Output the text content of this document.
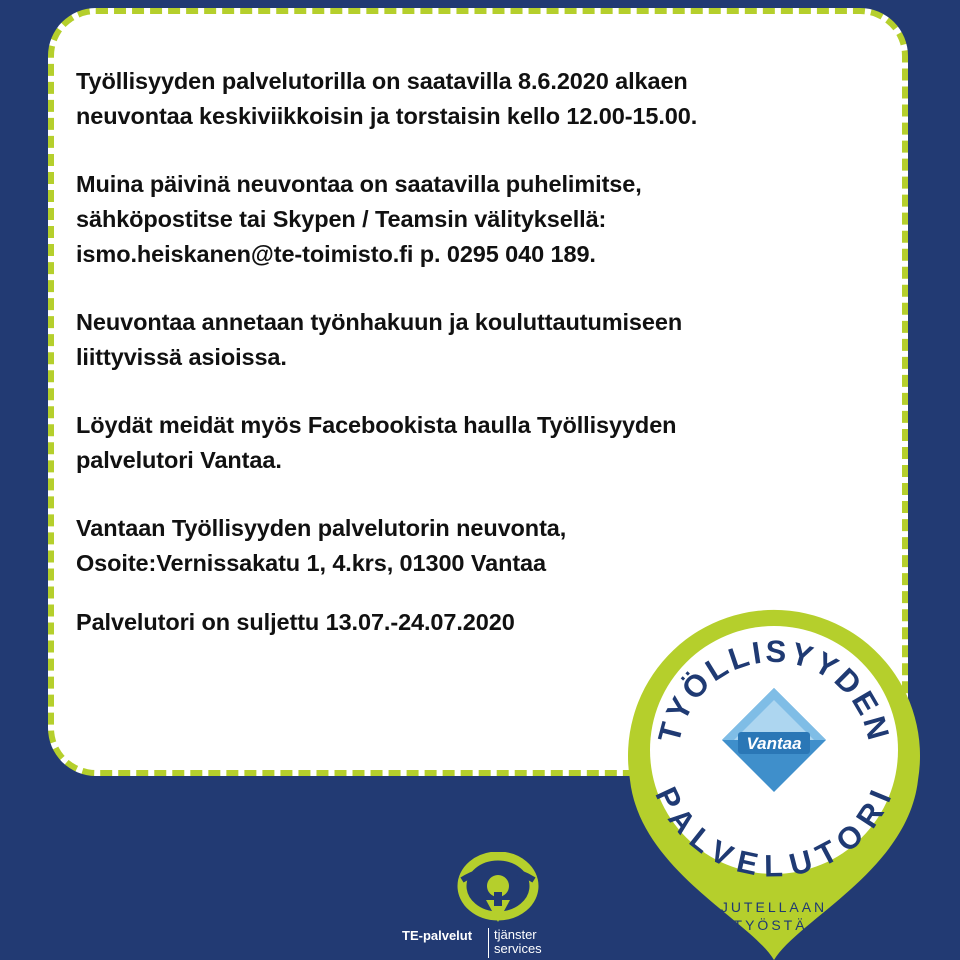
Työllisyyden palvelutorilla on saatavilla 8.6.2020 alkaen
neuvontaa keskiviikkoisin ja torstaisin kello 12.00-15.00.

Muina päivinä neuvontaa on saatavilla puhelimitse,
sähköpostitse tai Skypen / Teamsin välityksellä:
ismo.heiskanen@te-toimisto.fi p. 0295 040 189.

Neuvontaa annetaan työnhakuun ja kouluttautumiseen
liittyvissä asioissa.

Löydät meidät myös Facebookista haulla Työllisyyden
palvelutori Vantaa.

Vantaan Työllisyyden palvelutorin neuvonta,
Osoite:Vernissakatu 1, 4.krs, 01300 Vantaa

Palvelutori on suljettu 13.07.-24.07.2020

TYÖLLISYYDEN
PALVELUTORI
Vantaa
JUTELLAAN
TYÖSTÄ.
TE-palvelut tjänster
services
